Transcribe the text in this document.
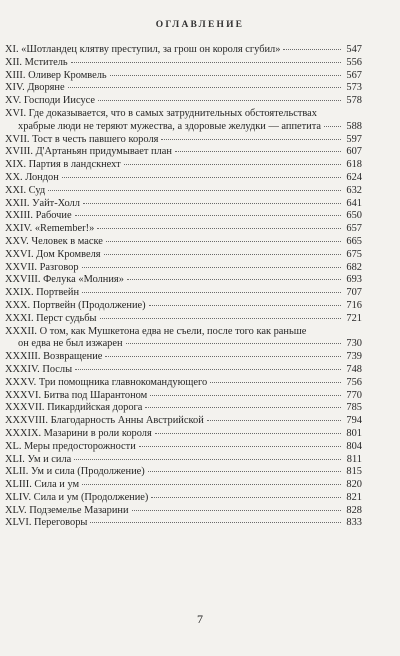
ОГЛАВЛЕНИЕ
XI. «Шотландец клятву преступил, за грош он короля сгубил»	547
XII. Мститель	556
XIII. Оливер Кромвель	567
XIV. Дворяне	573
XV. Господи Иисусе	578
XVI. Где доказывается, что в самых затруднительных обстоятельствах
храбрые люди не теряют мужества, а здоровые желудки — аппетита	588
XVII. Тост в честь павшего короля	597
XVIII. Д'Артаньян придумывает план	607
XIX. Партия в ландскнехт	618
XX. Лондон	624
XXI. Суд	632
XXII. Уайт-Холл	641
XXIII. Рабочие	650
XXIV. «Remember!»	657
XXV. Человек в маске	665
XXVI. Дом Кромвеля	675
XXVII. Разговор	682
XXVIII. Фелука «Молния»	693
XXIX. Портвейн	707
XXX. Портвейн (Продолжение)	716
XXXI. Перст судьбы	721
XXXII. О том, как Мушкетона едва не съели, после того как раньше
он едва не был изжарен	730
XXXIII. Возвращение	739
XXXIV. Послы	748
XXXV. Три помощника главнокомандующего	756
XXXVI. Битва под Шарантоном	770
XXXVII. Пикардийская дорога	785
XXXVIII. Благодарность Анны Австрийской	794
XXXIX. Мазарини в роли короля	801
XL. Меры предосторожности	804
XLI. Ум и сила	811
XLII. Ум и сила (Продолжение)	815
XLIII. Сила и ум	820
XLIV. Сила и ум (Продолжение)	821
XLV. Подземелье Мазарини	828
XLVI. Переговоры	833
7
